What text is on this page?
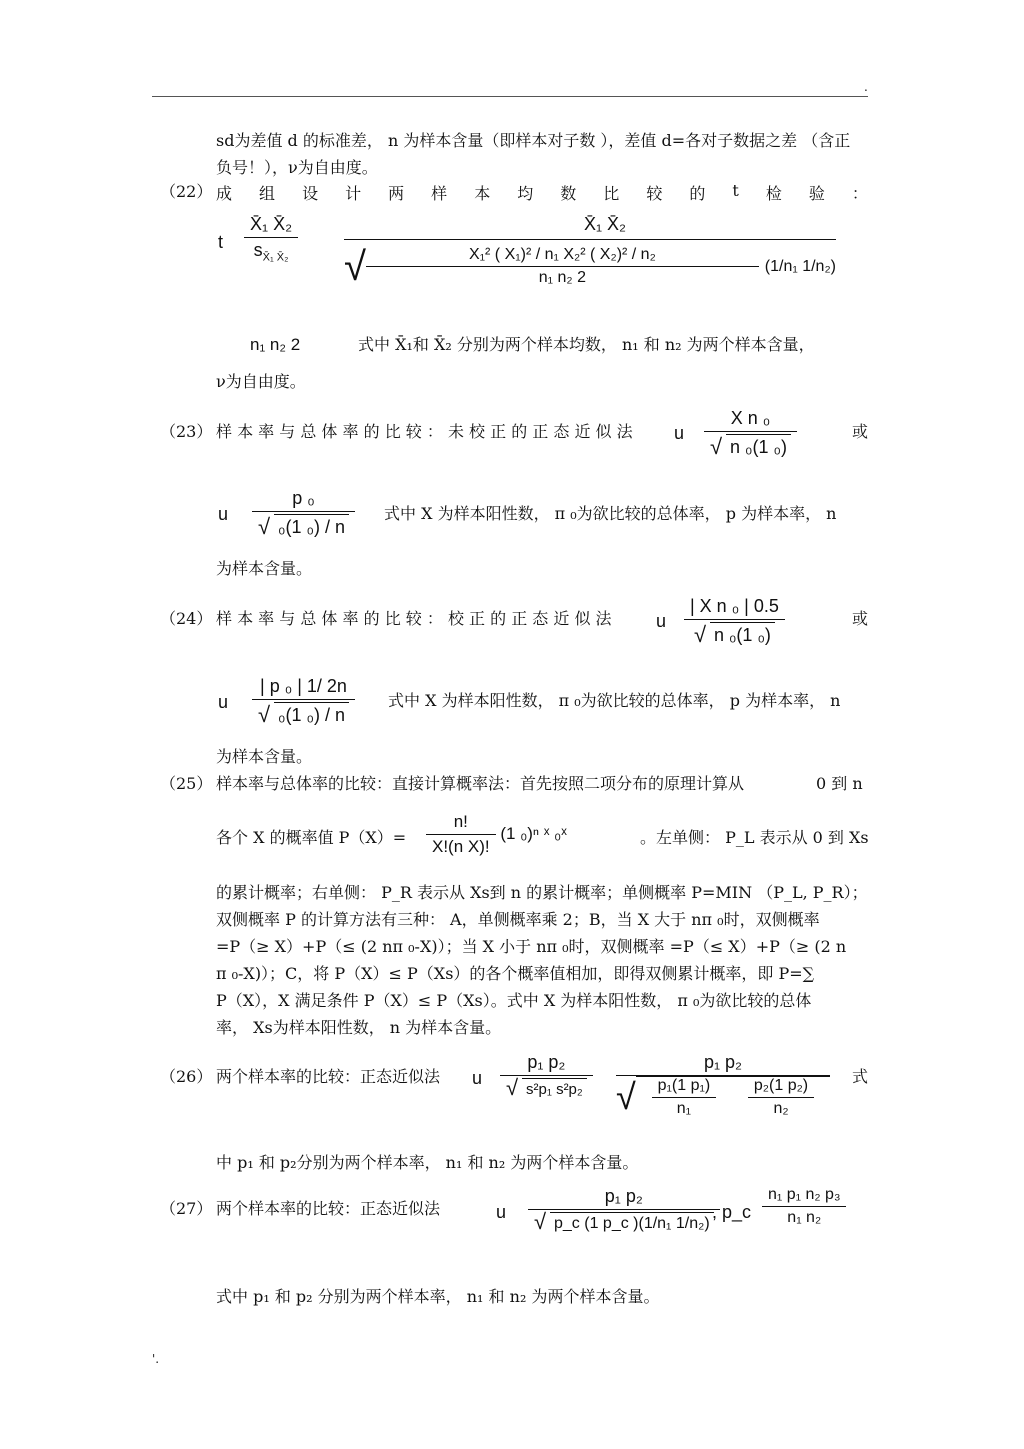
.
sd为差值 d 的标准差， n 为样本含量（即样本对子数 ），差值 d=各对子数据之差 （含正
负号！），ν为自由度。
（22） 成 组 设 计 两 样 本 均 数 比 较 的 t 检 验 ：
t $\frac{\text{X̄₁ X̄₂}}{s_{X̄_1 X̄_2}}$	X̄₁ X̄₂
√ $\frac{\text{X₁² ( X₁)² / n₁ X₂² ( X₂)² / n₂}}{\text{n₁ n₂ 2}} (1/n_1$ 1/n₂)
n₁ n₂ 2	式中 X̄₁和 X̄₂ 分别为两个样本均数， n₁ 和 n₂ 为两个样本含量，
ν为自由度。
（23） 样 本 率 与 总 体 率 的 比 较 ： 未 校 正 的 正 态 近 似 法 u X n ₀
√ n ₀(1 ₀)	或
u p ₀
√ ₀(1 ₀) / n 式中 X 为样本阳性数， π ₀为欲比较的总体率， p 为样本率， n
为样本含量。
（24） 样 本 率 与 总 体 率 的 比 较 ： 校 正 的 正 态 近 似 法 u | X n ₀ | 0.5
√ n ₀(1 ₀)	或
u | p ₀ | 1/ 2n
√ ₀(1 ₀) / n 式中 X 为样本阳性数， π ₀为欲比较的总体率， p 为样本率， n
为样本含量。
（25） 样本率与总体率的比较：直接计算概率法：首先按照二项分布的原理计算从	0 到 n
各个 X 的概率值 $P(X)= \frac{n!}{\text{X!(n X)!}} (1$ ₀)ⁿ ˣ ₀ˣ	。左单侧： P_L 表示从 0 到 Xs
的累计概率；右单侧： P_R 表示从 Xs到 n 的累计概率；单侧概率 P=MIN （P_L, P_R）；
双侧概率 P 的计算方法有三种： A，单侧概率乘 2；B，当 X 大于 nπ ₀时，双侧概率
=P（≥ X）+P（≤ (2 nπ ₀-X)）；当 X 小于 nπ ₀时，双侧概率 =P（≤ X）+P（≥ (2 n
π ₀-X)）；C，将 P（X）≤ P（Xs）的各个概率值相加，即得双侧累计概率，即 P=∑
P（X），X 满足条件 P（X）≤ P（Xs）。式中 X 为样本阳性数， π ₀为欲比较的总体
率， Xs为样本阳性数， n 为样本含量。
（26） 两个样本率的比较：正态近似法 u p₁ p₂
√ s²p₁ s²p₂	p₁ p₂
√ $\frac{\text{p₁(1 p₁)}}{\text{n₁}} \frac{\text{p₂(1 p₂)}}{\text{n₂}}$
式
中 p₁ 和 p₂分别为两个样本率， n₁ 和 n₂ 为两个样本含量。
（27） 两个样本率的比较：正态近似法	u p₁ p₂
√ p_c (1 p_c )(1/n₁ 1/n₂)
, p_c $\frac{\text{n₁ p₁ n₂ p₃}}{\text{n₁ n₂}}$
式中 p₁ 和 p₂ 分别为两个样本率， n₁ 和 n₂ 为两个样本含量。
'.
